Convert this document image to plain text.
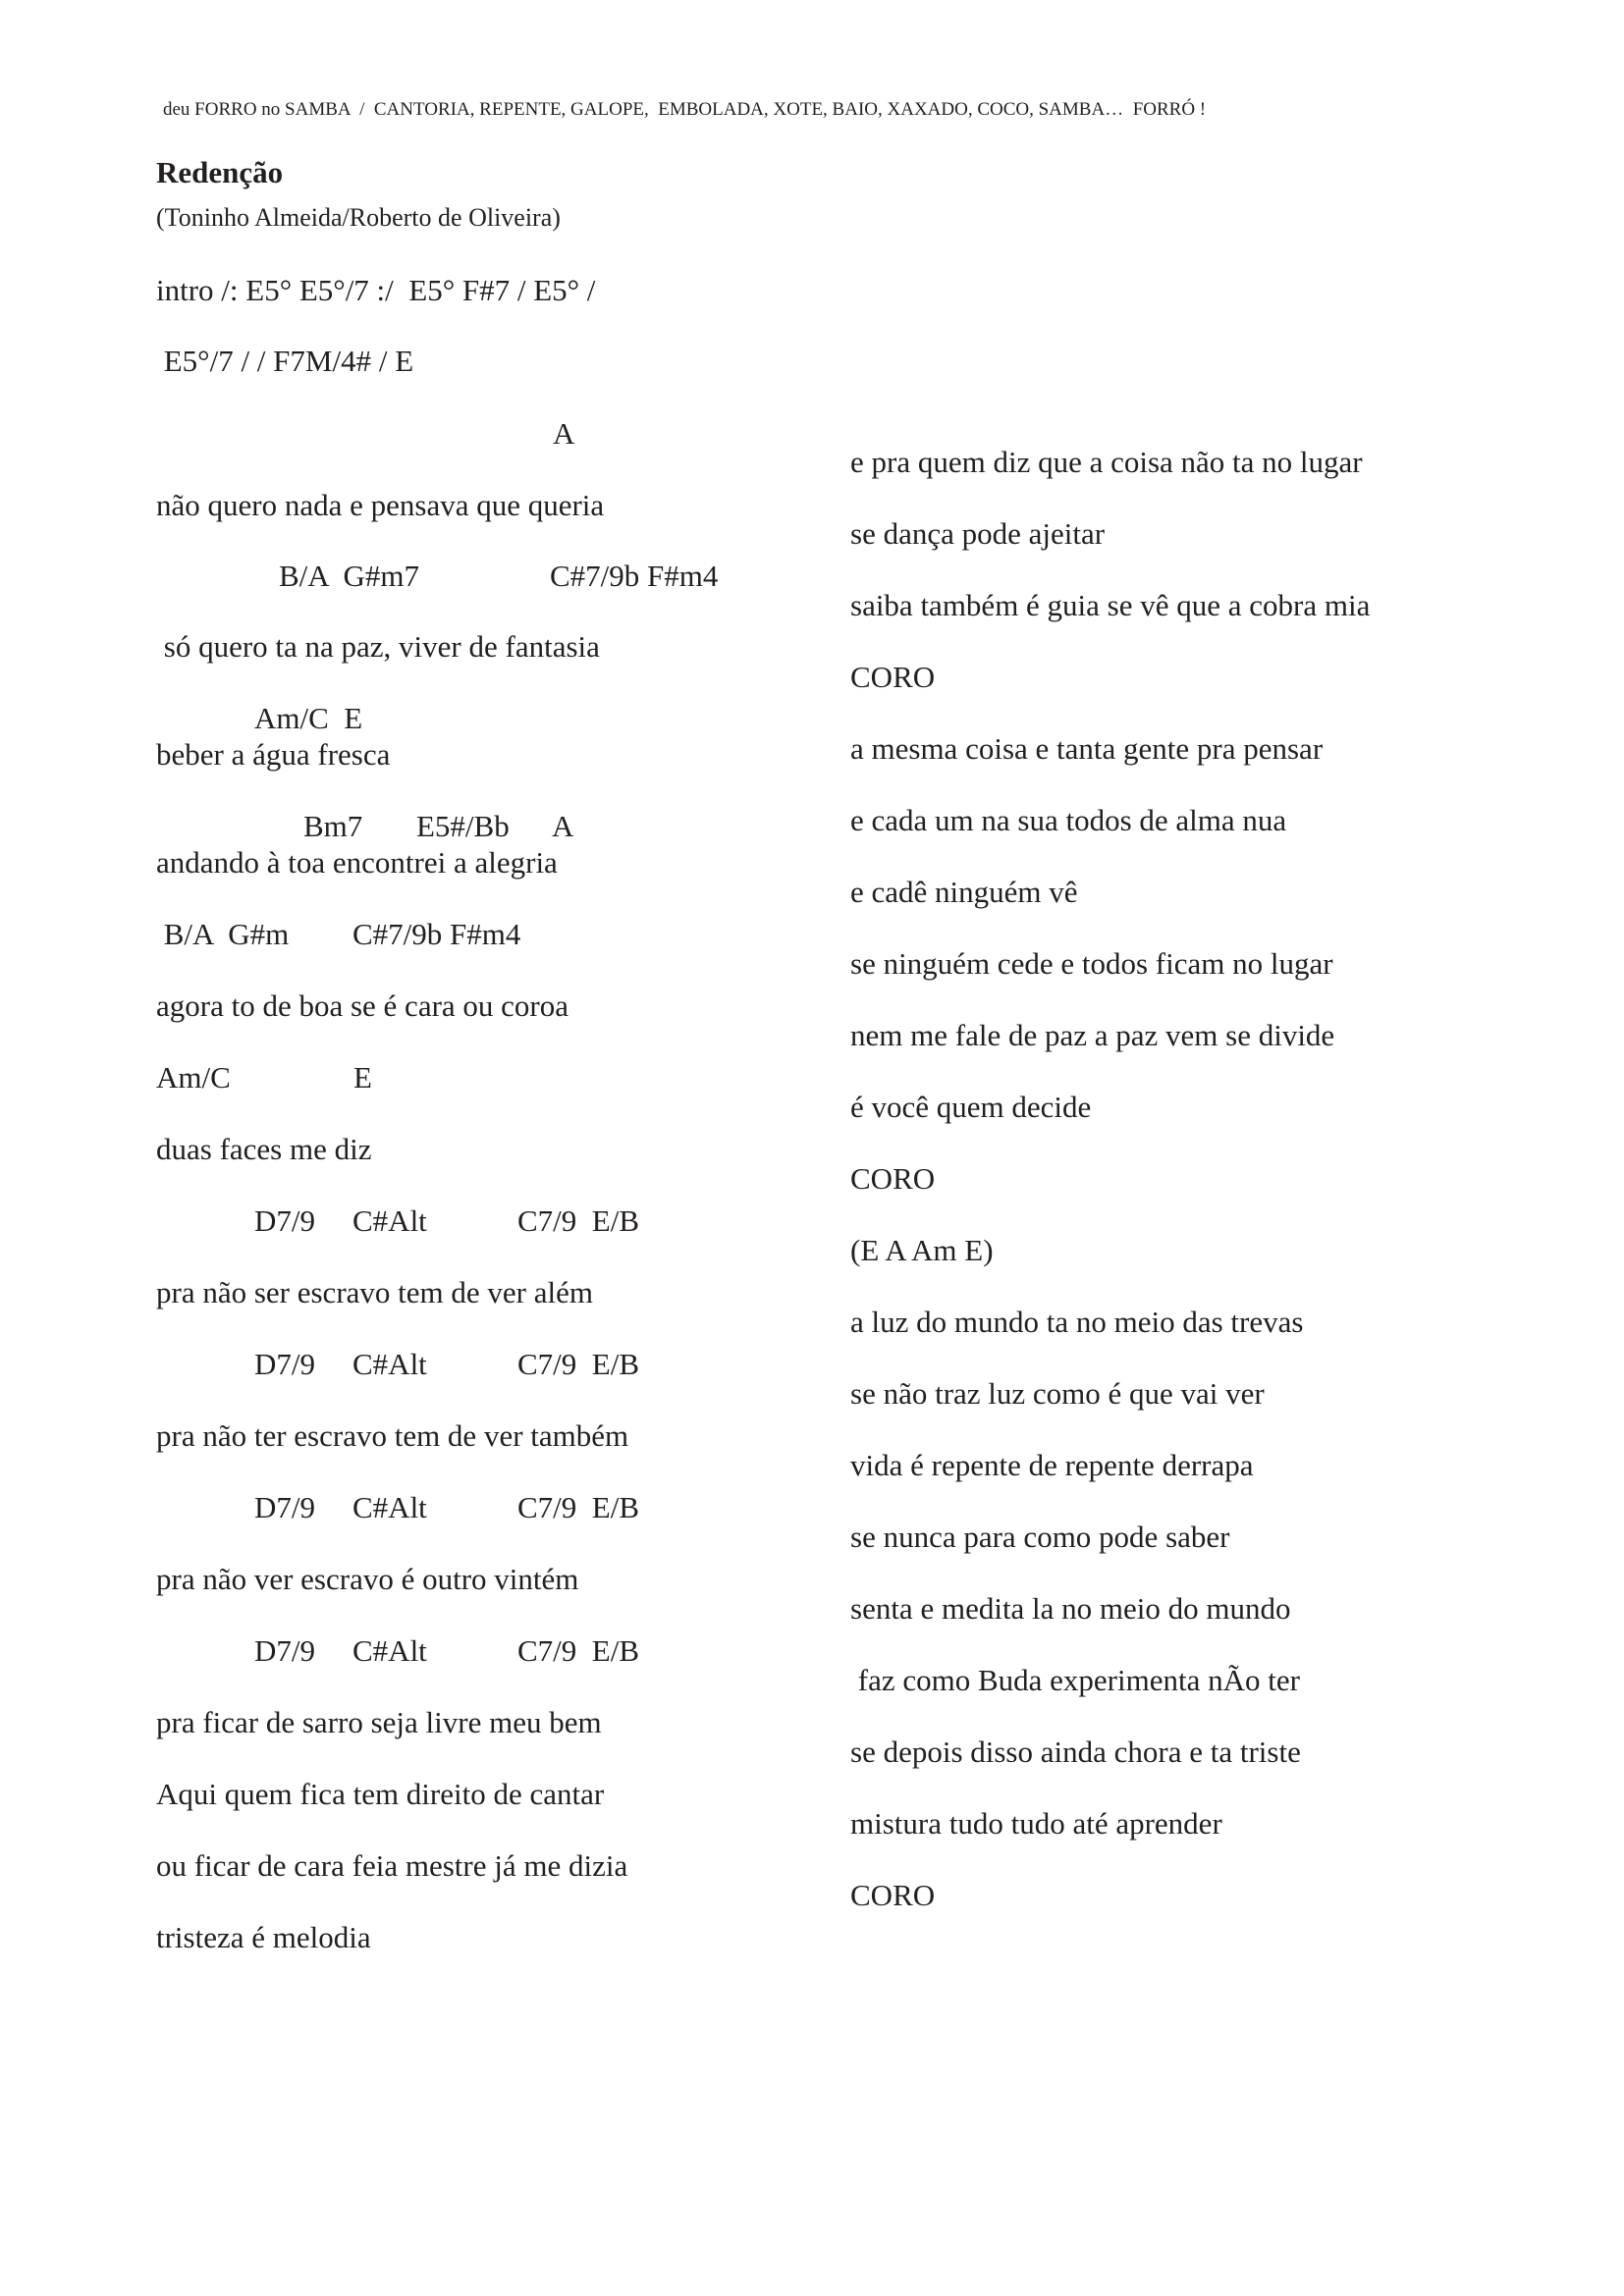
deu FORRO no SAMBA  /  CANTORIA, REPENTE, GALOPE,  EMBOLADA, XOTE, BAIO, XAXADO, COCO, SAMBA…  FORRÓ !
Redenção
(Toninho Almeida/Roberto de Oliveira)
intro /: E5° E5°/7 :/  E5° F#7 / E5° /
E5°/7 / / F7M/4# / E
A
não quero nada e pensava que queria
B/A  G#m7	C#7/9b F#m4
só quero ta na paz, viver de fantasia
Am/C  E
beber a água fresca
Bm7 E5#/Bb A
andando à toa encontrei a alegria
B/A  G#m C#7/9b F#m4
agora to de boa se é cara ou coroa
Am/C	E
duas faces me diz
D7/9 C#Alt	C7/9  E/B
pra não ser escravo tem de ver além
D7/9 C#Alt	C7/9  E/B
pra não ter escravo tem de ver também
D7/9 C#Alt	C7/9  E/B
pra não ver escravo é outro vintém
D7/9 C#Alt	C7/9  E/B
pra ficar de sarro seja livre meu bem
Aqui quem fica tem direito de cantar
ou ficar de cara feia mestre já me dizia
tristeza é melodia
e pra quem diz que a coisa não ta no lugar
se dança pode ajeitar
saiba também é guia se vê que a cobra mia
CORO
a mesma coisa e tanta gente pra pensar
e cada um na sua todos de alma nua
e cadê ninguém vê
se ninguém cede e todos ficam no lugar
nem me fale de paz a paz vem se divide
é você quem decide
CORO
(E A Am E)
a luz do mundo ta no meio das trevas
se não traz luz como é que vai ver
vida é repente de repente derrapa
se nunca para como pode saber
senta e medita la no meio do mundo
faz como Buda experimenta nÃo ter
se depois disso ainda chora e ta triste
mistura tudo tudo até aprender
CORO
